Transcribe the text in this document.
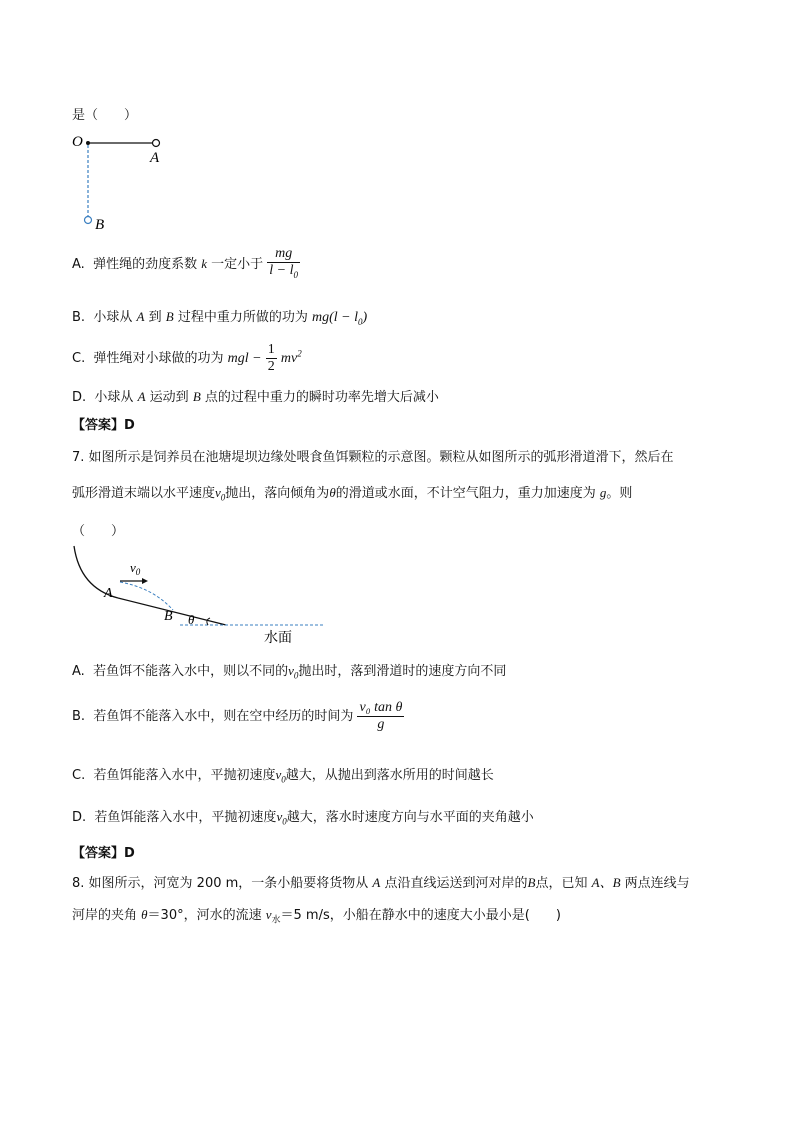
是（　　）
O
A
B
A. 弹性绳的劲度系数 k 一定小于 $\frac{mg}{l - l_0}$
B. 小球从 A 到 B 过程中重力所做的功为 $mg(l - l_0)$
C. 弹性绳对小球做的功为 mgl − $\frac{1}{2} mv^2$
D. 小球从 A 运动到 B 点的过程中重力的瞬时功率先增大后减小
【答案】D
7. 如图所示是饲养员在池塘堤坝边缘处喂食鱼饵颗粒的示意图。颗粒从如图所示的弧形滑道滑下，然后在
弧形滑道末端以水平速度$v_0$抛出，落向倾角为θ的滑道或水面，不计空气阻力，重力加速度为 g。则
（　　）
$v_0$
A
B θ
水面
A. 若鱼饵不能落入水中，则以不同的$v_0$抛出时，落到滑道时的速度方向不同
B. 若鱼饵不能落入水中，则在空中经历的时间为 $\frac{\text{v₀ tan θ}}{g}$
C. 若鱼饵能落入水中，平抛初速度$v_0$越大，从抛出到落水所用的时间越长
D. 若鱼饵能落入水中，平抛初速度$v_0$越大，落水时速度方向与水平面的夹角越小
【答案】D
8. 如图所示，河宽为 200 m，一条小船要将货物从 A 点沿直线运送到河对岸的B点，已知 A、B 两点连线与
河岸的夹角 θ＝30°，河水的流速 $v_水=5$ m/s，小船在静水中的速度大小最小是(　　)
